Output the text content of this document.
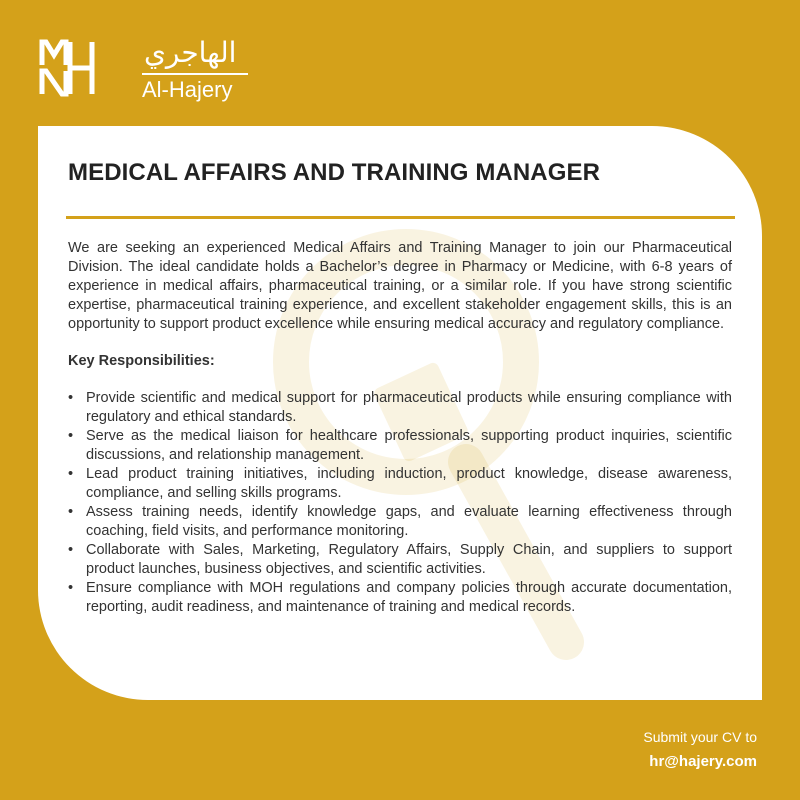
الهاجري
Al-Hajery
MEDICAL AFFAIRS AND TRAINING MANAGER

We are seeking an experienced Medical Affairs and Training Manager to join our Pharmaceutical Division. The ideal candidate holds a Bachelor’s degree in Pharmacy or Medicine, with 6-8 years of experience in medical affairs, pharmaceutical training, or a similar role. If you have strong scientific expertise, pharmaceutical training experience, and excellent stakeholder engagement skills, this is an opportunity to support product excellence while ensuring medical accuracy and regulatory compliance.

Key Responsibilities:
• Provide scientific and medical support for pharmaceutical products while ensuring compliance with regulatory and ethical standards.
• Serve as the medical liaison for healthcare professionals, supporting product inquiries, scientific discussions, and relationship management.
• Lead product training initiatives, including induction, product knowledge, disease awareness, compliance, and selling skills programs.
• Assess training needs, identify knowledge gaps, and evaluate learning effectiveness through coaching, field visits, and performance monitoring.
• Collaborate with Sales, Marketing, Regulatory Affairs, Supply Chain, and suppliers to support product launches, business objectives, and scientific activities.
• Ensure compliance with MOH regulations and company policies through accurate documentation, reporting, audit readiness, and maintenance of training and medical records.
Submit your CV to
hr@hajery.com
